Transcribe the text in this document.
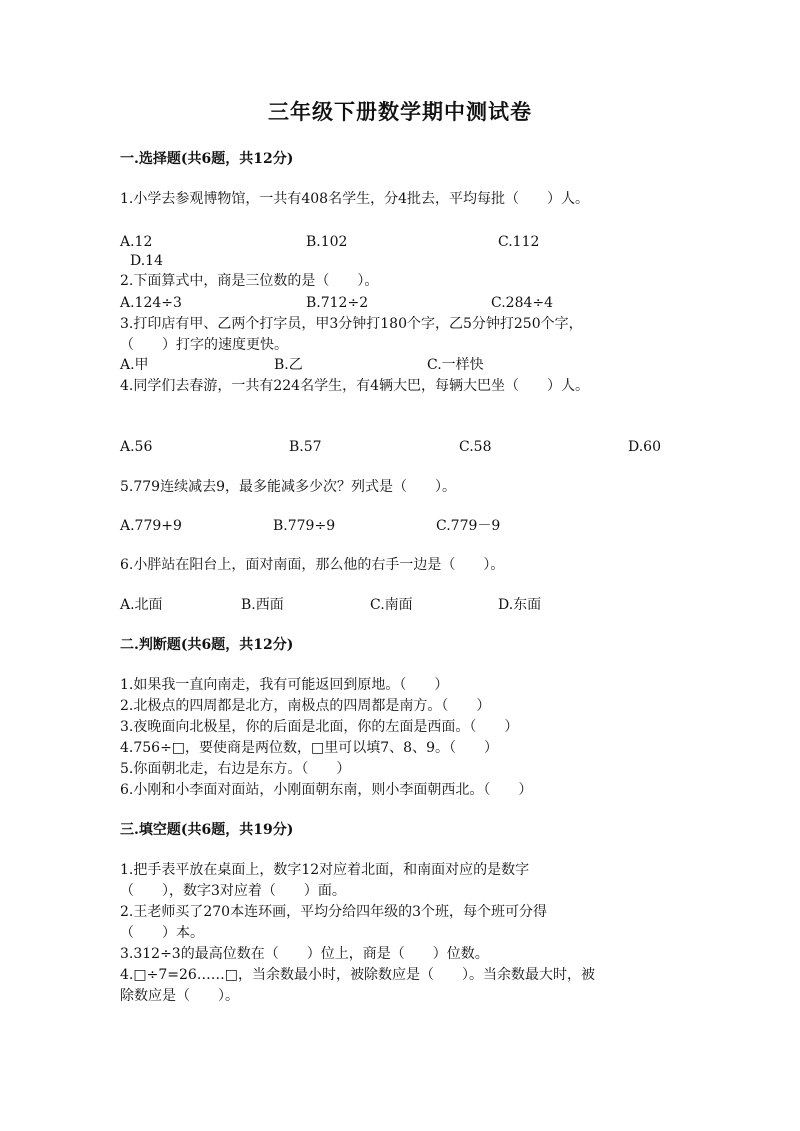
三年级下册数学期中测试卷
一.选择题(共6题，共12分)
1.小学去参观博物馆，一共有408名学生，分4批去，平均每批（　　）人。
A.12	B.102	C.112
D.14
2.下面算式中，商是三位数的是（　　）。
A.124÷3	B.712÷2	C.284÷4
3.打印店有甲、乙两个打字员，甲3分钟打180个字，乙5分钟打250个字，
（　　）打字的速度更快。
A.甲	B.乙	C.一样快
4.同学们去春游，一共有224名学生，有4辆大巴，每辆大巴坐（　　）人。
A.56	B.57	C.58	D.60
5.779连续减去9，最多能减多少次？列式是（　　）。
A.779+9	B.779÷9	C.779－9
6.小胖站在阳台上，面对南面，那么他的右手一边是（　　）。
A.北面	B.西面	C.南面	D.东面
二.判断题(共6题，共12分)
1.如果我一直向南走，我有可能返回到原地。（　　）
2.北极点的四周都是北方，南极点的四周都是南方。（　　）
3.夜晚面向北极星，你的后面是北面，你的左面是西面。（　　）
4.756÷□，要使商是两位数，□里可以填7、8、9。（　　）
5.你面朝北走，右边是东方。（　　）
6.小刚和小李面对面站，小刚面朝东南，则小李面朝西北。（　　）
三.填空题(共6题，共19分)
1.把手表平放在桌面上，数字12对应着北面，和南面对应的是数字
（　　），数字3对应着（　　）面。
2.王老师买了270本连环画，平均分给四年级的3个班，每个班可分得
（　　）本。
3.312÷3的最高位数在（　　）位上，商是（　　）位数。
4.□÷7=26……□，当余数最小时，被除数应是（　　）。当余数最大时，被
除数应是（　　）。
